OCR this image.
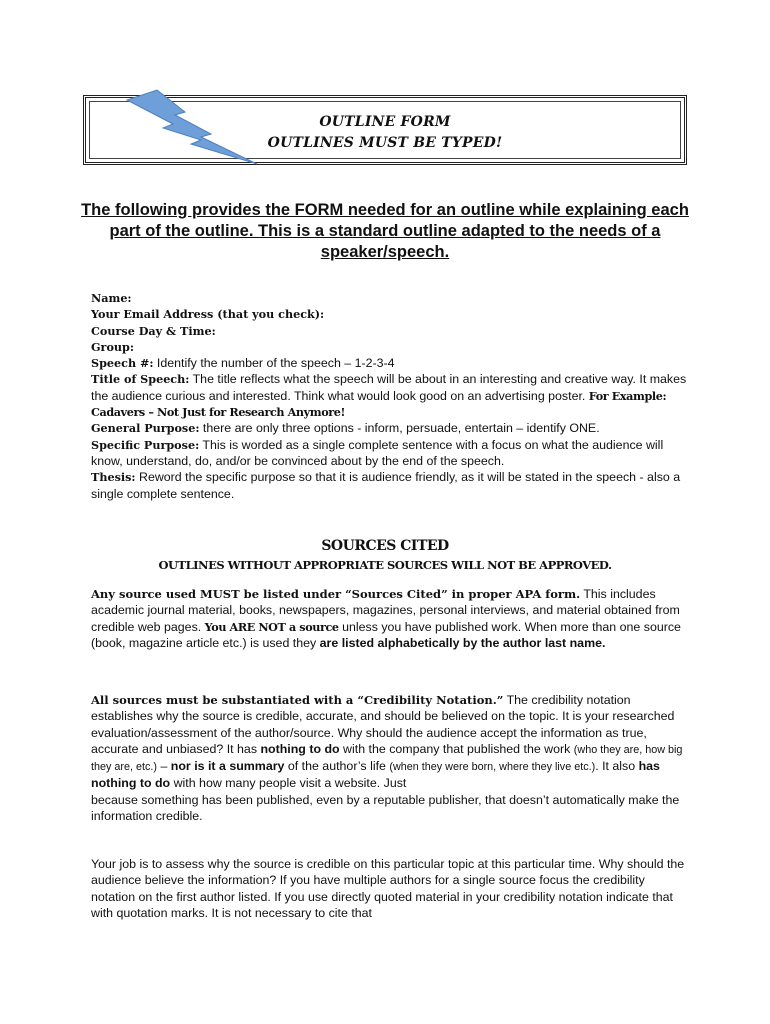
OUTLINE FORM
OUTLINES MUST BE TYPED!
The following provides the FORM needed for an outline while explaining each part of the outline. This is a standard outline adapted to the needs of a speaker/speech.
Name:
Your Email Address (that you check):
Course Day & Time:
Group:
Speech #: Identify the number of the speech – 1-2-3-4
Title of Speech: The title reflects what the speech will be about in an interesting and creative way. It makes the audience curious and interested. Think what would look good on an advertising poster. For Example: Cadavers – Not Just for Research Anymore!
General Purpose: there are only three options - inform, persuade, entertain – identify ONE.
Specific Purpose: This is worded as a single complete sentence with a focus on what the audience will know, understand, do, and/or be convinced about by the end of the speech.
Thesis: Reword the specific purpose so that it is audience friendly, as it will be stated in the speech - also a single complete sentence.
SOURCES CITED
OUTLINES WITHOUT APPROPRIATE SOURCES WILL NOT BE APPROVED.
Any source used MUST be listed under “Sources Cited” in proper APA form. This includes academic journal material, books, newspapers, magazines, personal interviews, and material obtained from credible web pages. You ARE NOT a source unless you have published work. When more than one source (book, magazine article etc.) is used they are listed alphabetically by the author last name.
All sources must be substantiated with a “Credibility Notation.” The credibility notation establishes why the source is credible, accurate, and should be believed on the topic. It is your researched evaluation/assessment of the author/source. Why should the audience accept the information as true, accurate and unbiased? It has nothing to do with the company that published the work (who they are, how big they are, etc.) – nor is it a summary of the author’s life (when they were born, where they live etc.). It also has nothing to do with how many people visit a website. Just
because something has been published, even by a reputable publisher, that doesn’t automatically make the information credible.
Your job is to assess why the source is credible on this particular topic at this particular time. Why should the audience believe the information? If you have multiple authors for a single source focus the credibility notation on the first author listed. If you use directly quoted material in your credibility notation indicate that with quotation marks. It is not necessary to cite that
